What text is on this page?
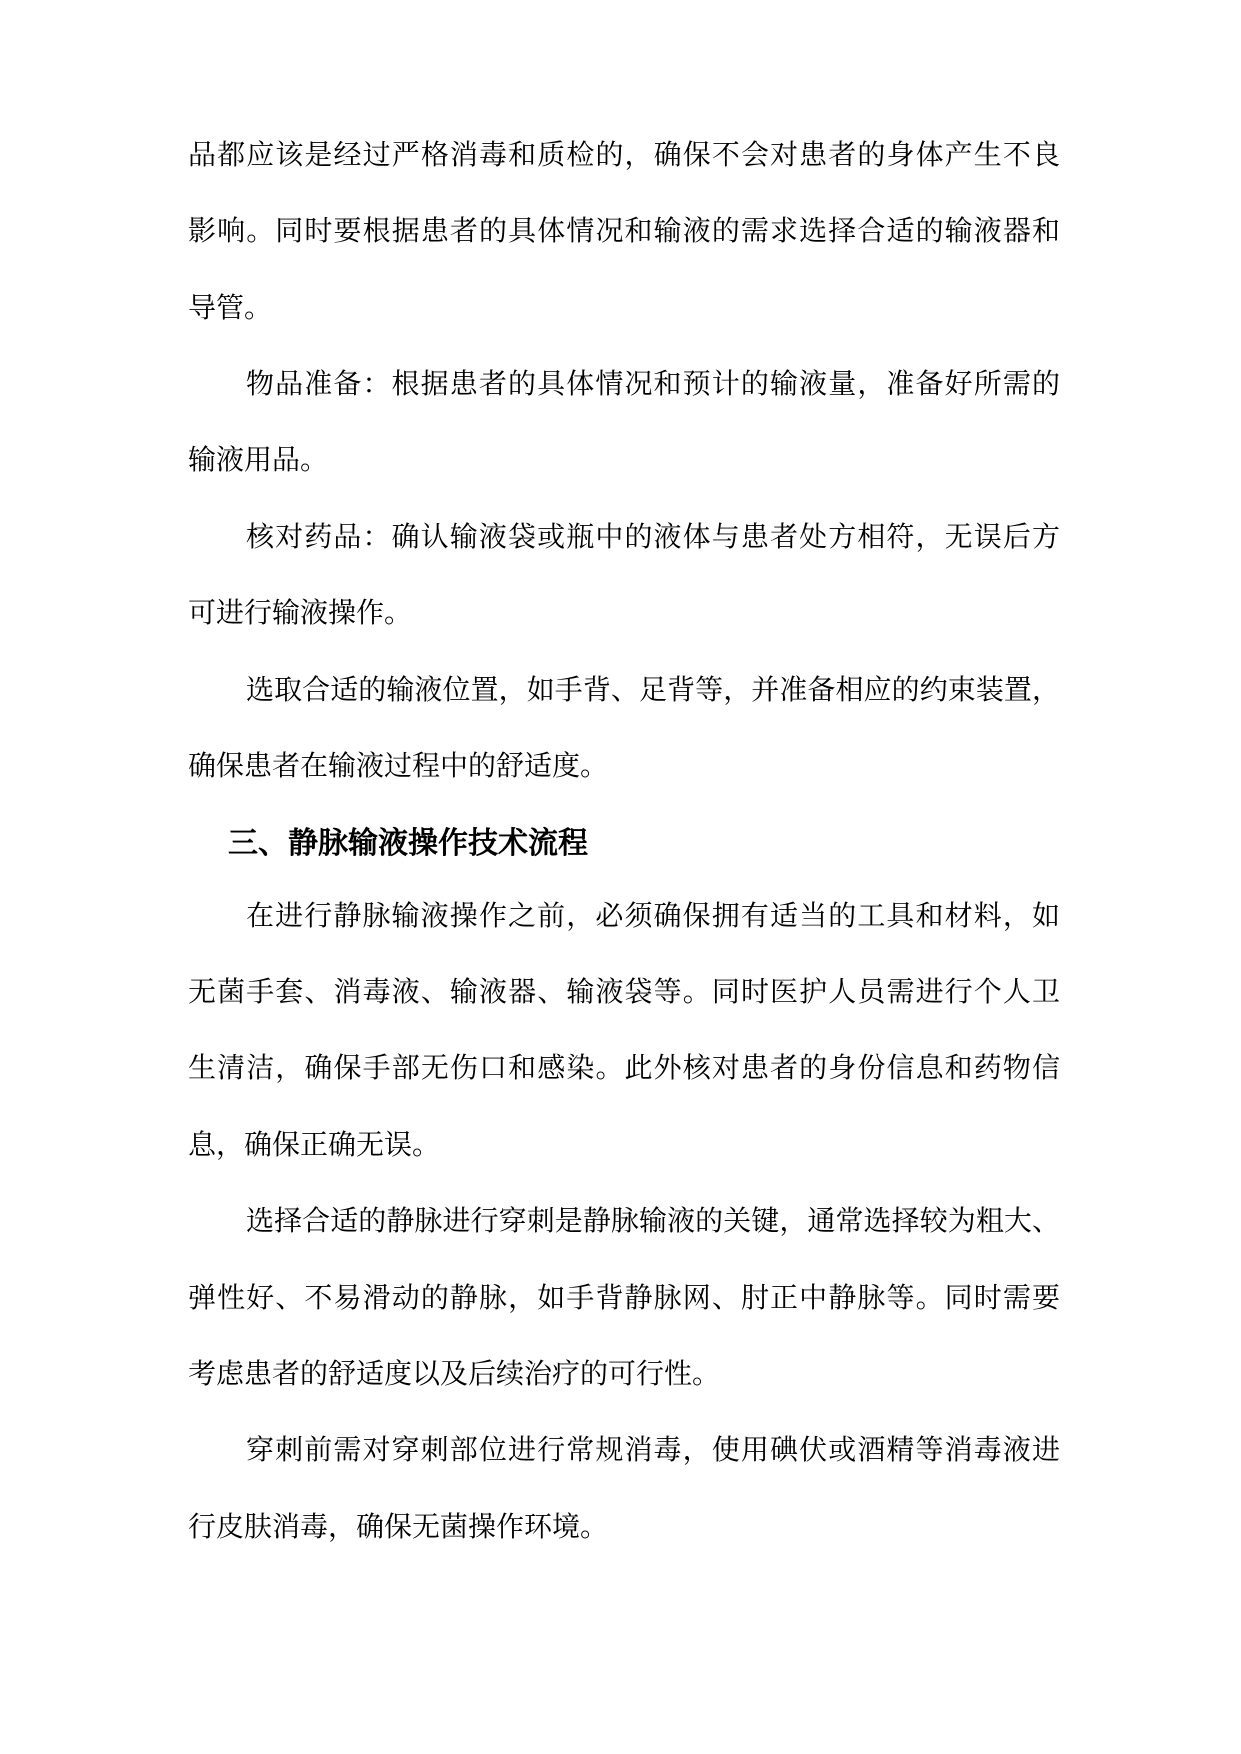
品都应该是经过严格消毒和质检的，确保不会对患者的身体产生不良
影响。同时要根据患者的具体情况和输液的需求选择合适的输液器和
导管。
物品准备：根据患者的具体情况和预计的输液量，准备好所需的
输液用品。
核对药品：确认输液袋或瓶中的液体与患者处方相符，无误后方
可进行输液操作。
选取合适的输液位置，如手背、足背等，并准备相应的约束装置，
确保患者在输液过程中的舒适度。
三、静脉输液操作技术流程
在进行静脉输液操作之前，必须确保拥有适当的工具和材料，如
无菌手套、消毒液、输液器、输液袋等。同时医护人员需进行个人卫
生清洁，确保手部无伤口和感染。此外核对患者的身份信息和药物信
息，确保正确无误。
选择合适的静脉进行穿刺是静脉输液的关键，通常选择较为粗大、
弹性好、不易滑动的静脉，如手背静脉网、肘正中静脉等。同时需要
考虑患者的舒适度以及后续治疗的可行性。
穿刺前需对穿刺部位进行常规消毒，使用碘伏或酒精等消毒液进
行皮肤消毒，确保无菌操作环境。
